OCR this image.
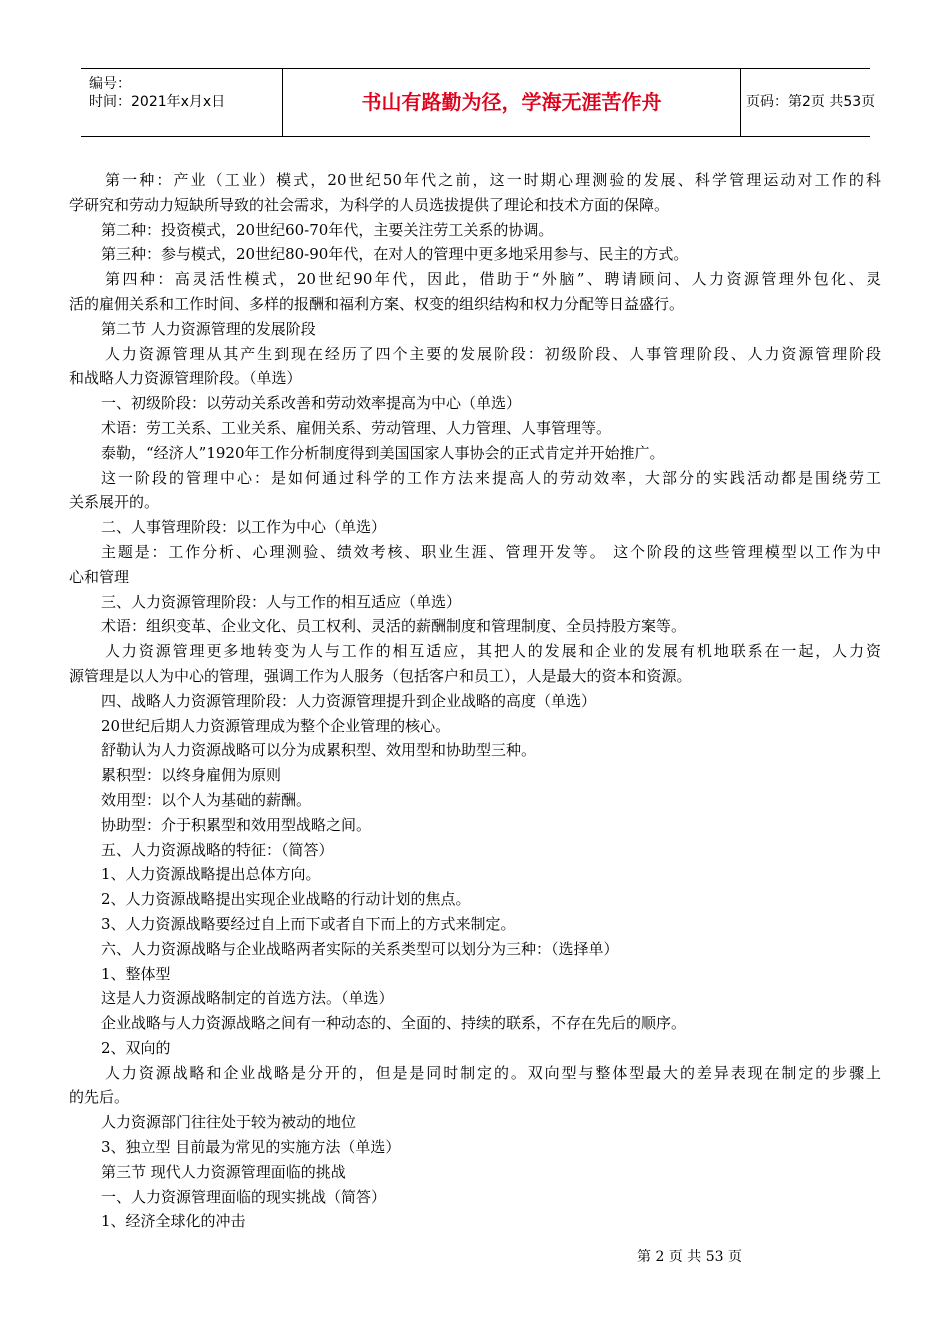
编号：
时间：2021年x月x日	书山有路勤为径，学海无涯苦作舟	页码：第2页 共53页
第一种：产业（工业）模式，20世纪50年代之前，这一时期心理测验的发展、科学管理运动对工作的科
学研究和劳动力短缺所导致的社会需求，为科学的人员选拔提供了理论和技术方面的保障。
第二种：投资模式，20世纪60-70年代，主要关注劳工关系的协调。
第三种：参与模式，20世纪80-90年代，在对人的管理中更多地采用参与、民主的方式。
第四种：高灵活性模式，20世纪90年代，因此，借助于“外脑”、聘请顾问、人力资源管理外包化、灵
活的雇佣关系和工作时间、多样的报酬和福利方案、权变的组织结构和权力分配等日益盛行。
第二节 人力资源管理的发展阶段
人力资源管理从其产生到现在经历了四个主要的发展阶段：初级阶段、人事管理阶段、人力资源管理阶段
和战略人力资源管理阶段。（单选）
一、初级阶段：以劳动关系改善和劳动效率提高为中心（单选）
术语：劳工关系、工业关系、雇佣关系、劳动管理、人力管理、人事管理等。
泰勒，“经济人”1920年工作分析制度得到美国国家人事协会的正式肯定并开始推广。
这一阶段的管理中心：是如何通过科学的工作方法来提高人的劳动效率，大部分的实践活动都是围绕劳工
关系展开的。
二、人事管理阶段：以工作为中心（单选）
主题是：工作分析、心理测验、绩效考核、职业生涯、管理开发等。 这个阶段的这些管理模型以工作为中
心和管理
三、人力资源管理阶段：人与工作的相互适应（单选）
术语：组织变革、企业文化、员工权利、灵活的薪酬制度和管理制度、全员持股方案等。
人力资源管理更多地转变为人与工作的相互适应，其把人的发展和企业的发展有机地联系在一起，人力资
源管理是以人为中心的管理，强调工作为人服务（包括客户和员工），人是最大的资本和资源。
四、战略人力资源管理阶段：人力资源管理提升到企业战略的高度（单选）
20世纪后期人力资源管理成为整个企业管理的核心。
舒勒认为人力资源战略可以分为成累积型、效用型和协助型三种。
累积型：以终身雇佣为原则
效用型：以个人为基础的薪酬。
协助型：介于积累型和效用型战略之间。
五、人力资源战略的特征：（简答）
1、人力资源战略提出总体方向。
2、人力资源战略提出实现企业战略的行动计划的焦点。
3、人力资源战略要经过自上而下或者自下而上的方式来制定。
六、人力资源战略与企业战略两者实际的关系类型可以划分为三种：（选择单）
1、整体型
这是人力资源战略制定的首选方法。（单选）
企业战略与人力资源战略之间有一种动态的、全面的、持续的联系，不存在先后的顺序。
2、双向的
人力资源战略和企业战略是分开的，但是是同时制定的。双向型与整体型最大的差异表现在制定的步骤上
的先后。
人力资源部门往往处于较为被动的地位
3、独立型 目前最为常见的实施方法（单选）
第三节 现代人力资源管理面临的挑战
一、人力资源管理面临的现实挑战（简答）
1、经济全球化的冲击
第 2 页 共 53 页
